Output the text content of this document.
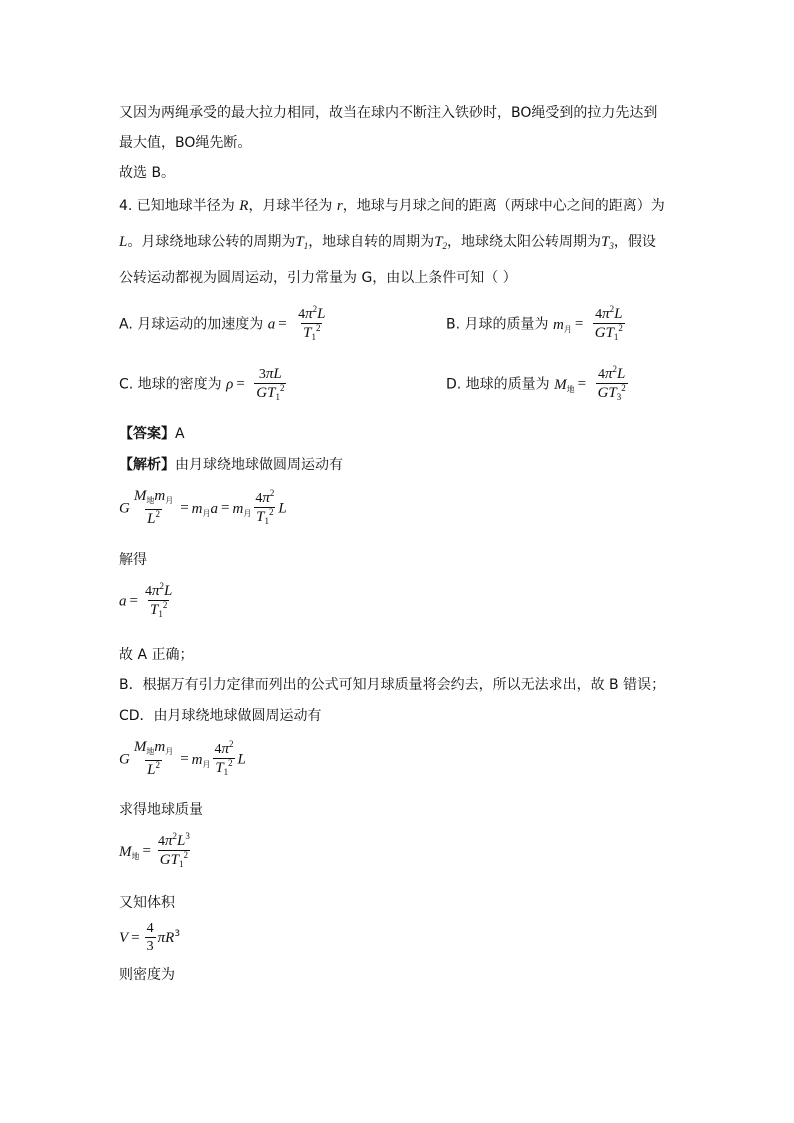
又因为两绳承受的最大拉力相同，故当在球内不断注入铁砂时，BO绳受到的拉力先达到
最大值，BO绳先断。
故选 B。
4. 已知地球半径为 R，月球半径为 r，地球与月球之间的距离（两球中心之间的距离）为
L。月球绕地球公转的周期为$T_1$，地球自转的周期为$T_2$，地球绕太阳公转周期为$T_3$，假设
公转运动都视为圆周运动，引力常量为 G，由以上条件可知（ ）
A. 月球运动的加速度为 $a = \frac{4\pi^2L}{T_1^2}$	B. 月球的质量为 $m_月 = \frac{4\pi^2L}{GT_1^2}$
C. 地球的密度为 $\rho = \frac{3\pi L}{GT_1^2}$	D. 地球的质量为 $M_地 = \frac{4\pi^2L}{GT_3^2}$
【答案】A
【解析】由月球绕地球做圆周运动有
G $\frac{M_地m_月}{L^2} = m_月a = m_月 \frac{4\pi^2}{T_1^2}$ L
解得
$a = \frac{4\pi^2L}{T_1^2}$
故 A 正确；
B．根据万有引力定律而列出的公式可知月球质量将会约去，所以无法求出，故 B 错误；
CD．由月球绕地球做圆周运动有
G $\frac{M_地m_月}{L^2} = m_月 \frac{4\pi^2}{T_1^2}$ L
求得地球质量
$M_地 = \frac{4\pi^2L^3}{GT_1^2}$
又知体积
$V = \frac{4}{3} \pi R^3$
则密度为
